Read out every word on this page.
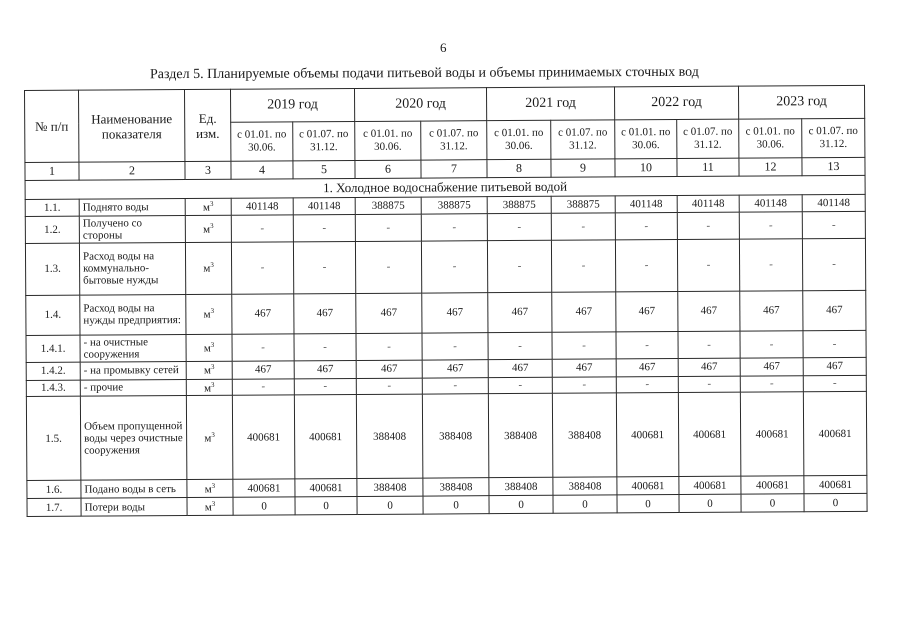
6
Раздел 5. Планируемые объемы подачи питьевой воды и объемы принимаемых сточных вод
№ п/п	Наименование показателя	Ед. изм.	2019 год		2020 год		2021 год		2022 год		2023 год	
			с 01.01. по 30.06.	с 01.07. по 31.12.	с 01.01. по 30.06.	с 01.07. по 31.12.	с 01.01. по 30.06.	с 01.07. по 31.12.	с 01.01. по 30.06.	с 01.07. по 31.12.	с 01.01. по 30.06.	с 01.07. по 31.12.
1	2	3	4	5	6	7	8	9	10	11	12	13
1. Холодное водоснабжение питьевой водой												
1.1.	Поднято воды	$м^3$	401148	401148	388875	388875	388875	388875	401148	401148	401148	401148
1.2.	Получено со стороны	$м^3$	-	-	-	-	-	-	-	-	-	-
1.3.	Расход воды на коммунально-бытовые нужды	$м^3$	-	-	-	-	-	-	-	-	-	-
1.4.	Расход воды на нужды предприятия:	$м^3$	467	467	467	467	467	467	467	467	467	467
1.4.1.	- на очистные сооружения	$м^3$	-	-	-	-	-	-	-	-	-	-
1.4.2.	- на промывку сетей	$м^3$	467	467	467	467	467	467	467	467	467	467
1.4.3.	- прочие	$м^3$	-	-	-	-	-	-	-	-	-	-
1.5.	Объем пропущенной воды через очистные сооружения	$м^3$	400681	400681	388408	388408	388408	388408	400681	400681	400681	400681
1.6.	Подано воды в сеть	$м^3$	400681	400681	388408	388408	388408	388408	400681	400681	400681	400681
1.7.	Потери воды	$м^3$	0	0	0	0	0	0	0	0	0	0
